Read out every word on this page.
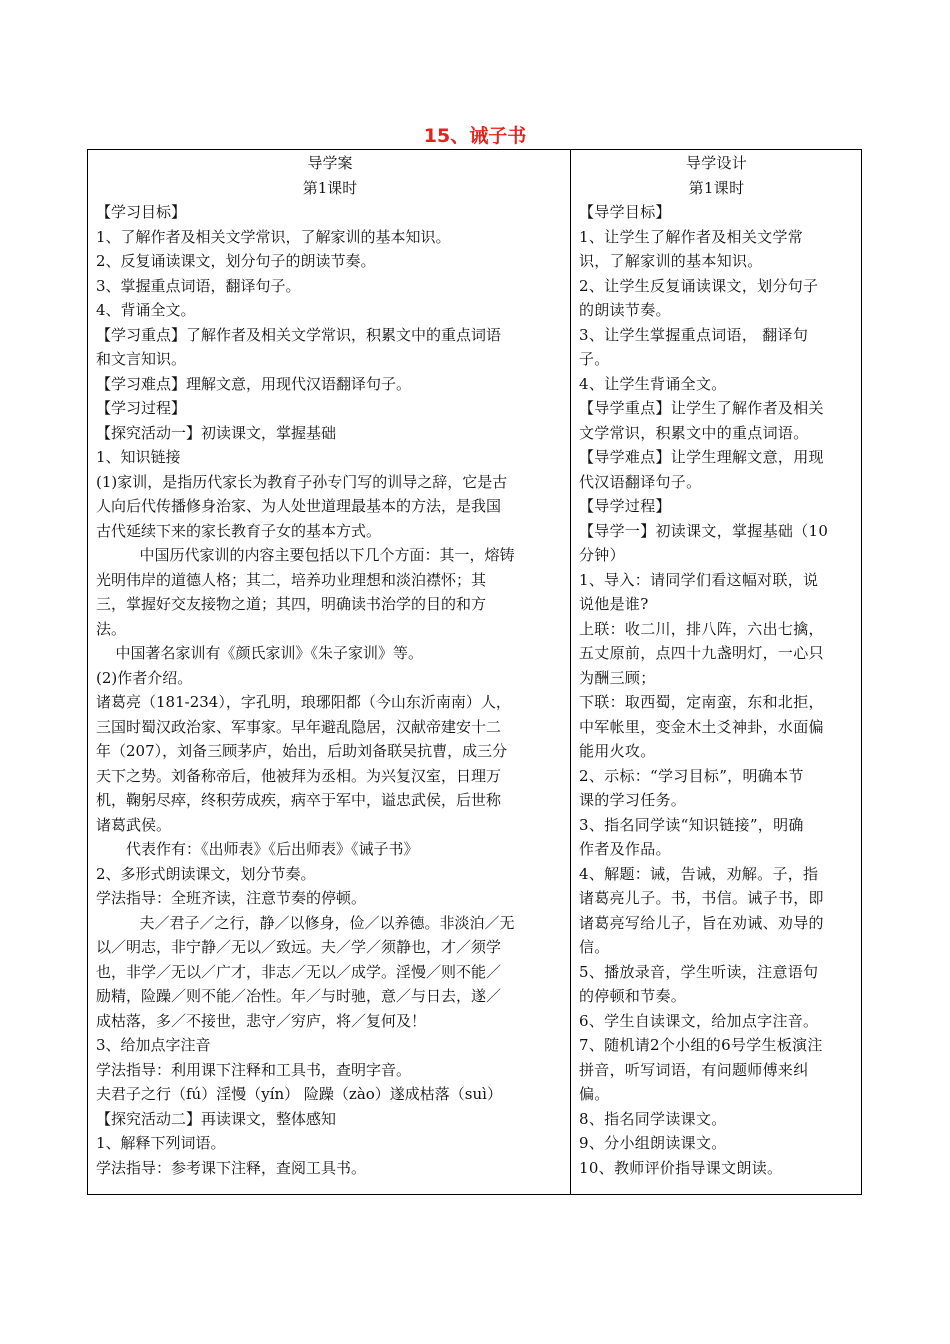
15、诫子书
导学案
第1课时
【学习目标】
1、了解作者及相关文学常识，了解家训的基本知识。
2、反复诵读课文，划分句子的朗读节奏。
3、掌握重点词语，翻译句子。
4、背诵全文。
【学习重点】了解作者及相关文学常识，积累文中的重点词语
和文言知识。
【学习难点】理解文意，用现代汉语翻译句子。
【学习过程】
【探究活动一】初读课文，掌握基础
1、知识链接
(1)家训，是指历代家长为教育子孙专门写的训导之辞，它是古
人向后代传播修身治家、为人处世道理最基本的方法，是我国
古代延续下来的家长教育子女的基本方式。
中国历代家训的内容主要包括以下几个方面：其一，熔铸
光明伟岸的道德人格；其二，培养功业理想和淡泊襟怀；其
三，掌握好交友接物之道；其四，明确读书治学的目的和方
法。
中国著名家训有《颜氏家训》《朱子家训》等。
(2)作者介绍。
诸葛亮（181-234），字孔明，琅琊阳都（今山东沂南南）人，
三国时蜀汉政治家、军事家。早年避乱隐居，汉献帝建安十二
年（207），刘备三顾茅庐，始出，后助刘备联吴抗曹，成三分
天下之势。刘备称帝后，他被拜为丞相。为兴复汉室，日理万
机，鞠躬尽瘁，终积劳成疾，病卒于军中，谥忠武侯，后世称
诸葛武侯。
代表作有：《出师表》《后出师表》《诫子书》
2、多形式朗读课文，划分节奏。
学法指导：全班齐读，注意节奏的停顿。
夫／君子／之行，静／以修身，俭／以养德。非淡泊／无
以／明志，非宁静／无以／致远。夫／学／须静也，才／须学
也，非学／无以／广才，非志／无以／成学。淫慢／则不能／
励精，险躁／则不能／冶性。年／与时驰，意／与日去，遂／
成枯落，多／不接世，悲守／穷庐，将／复何及！
3、给加点字注音
学法指导：利用课下注释和工具书，查明字音。
夫君子之行（fú）淫慢（yín） 险躁（zào）遂成枯落（suì）
【探究活动二】再读课文，整体感知
1、解释下列词语。
学法指导：参考课下注释，查阅工具书。
导学设计
第1课时
【导学目标】
1、让学生了解作者及相关文学常
识，了解家训的基本知识。
2、让学生反复诵读课文，划分句子
的朗读节奏。
3、让学生掌握重点词语， 翻译句
子。
4、让学生背诵全文。
【导学重点】让学生了解作者及相关
文学常识，积累文中的重点词语。
【导学难点】让学生理解文意，用现
代汉语翻译句子。
【导学过程】
【导学一】初读课文，掌握基础（10
分钟）
1、导入：请同学们看这幅对联，说
说他是谁?
上联：收二川，排八阵，六出七擒，
五丈原前，点四十九盏明灯，一心只
为酬三顾；
下联：取西蜀，定南蛮，东和北拒，
中军帐里，变金木土爻神卦，水面偏
能用火攻。
2、示标：“学习目标”，明确本节
课的学习任务。
3、指名同学读“知识链接”，明确
作者及作品。
4、解题：诫，告诫，劝解。子，指
诸葛亮儿子。书，书信。诫子书，即
诸葛亮写给儿子，旨在劝诫、劝导的
信。
5、播放录音，学生听读，注意语句
的停顿和节奏。
6、学生自读课文，给加点字注音。
7、随机请2个小组的6号学生板演注
拼音，听写词语，有问题师傅来纠
偏。
8、指名同学读课文。
9、分小组朗读课文。
10、教师评价指导课文朗读。
